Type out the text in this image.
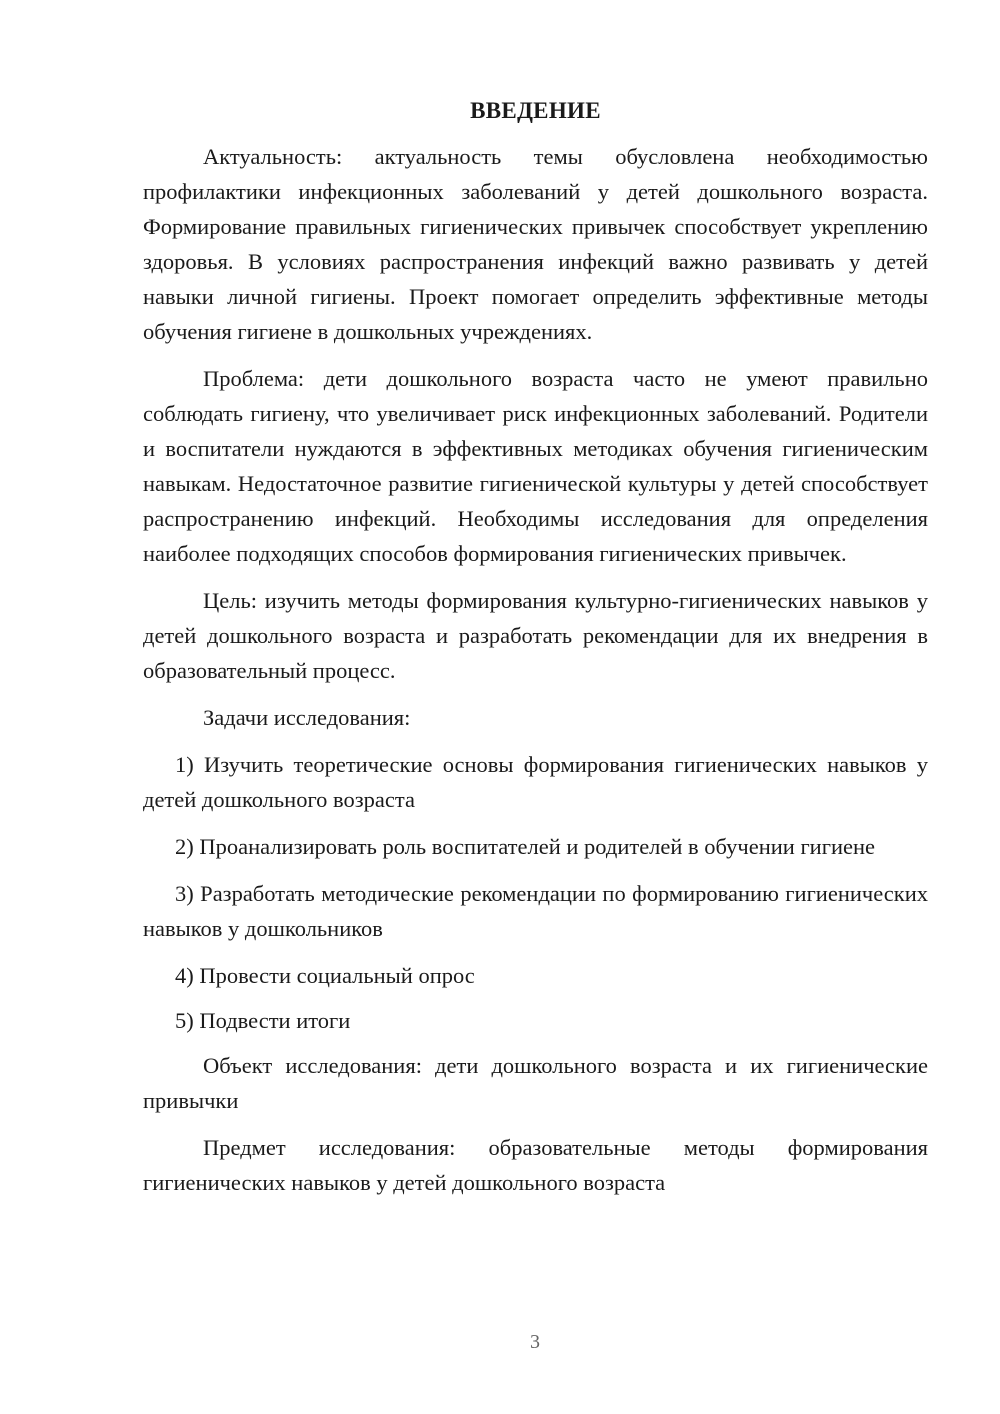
ВВЕДЕНИЕ

Актуальность: актуальность темы обусловлена необходимостью профилактики инфекционных заболеваний у детей дошкольного возраста. Формирование правильных гигиенических привычек способствует укреплению здоровья. В условиях распространения инфекций важно развивать у детей навыки личной гигиены. Проект помогает определить эффективные методы обучения гигиене в дошкольных учреждениях.

Проблема: дети дошкольного возраста часто не умеют правильно соблюдать гигиену, что увеличивает риск инфекционных заболеваний. Родители и воспитатели нуждаются в эффективных методиках обучения гигиеническим навыкам. Недостаточное развитие гигиенической культуры у детей способствует распространению инфекций. Необходимы исследования для определения наиболее подходящих способов формирования гигиенических привычек.

Цель: изучить методы формирования культурно-гигиенических навыков у детей дошкольного возраста и разработать рекомендации для их внедрения в образовательный процесс.

Задачи исследования:

1) Изучить теоретические основы формирования гигиенических навыков у детей дошкольного возраста

2) Проанализировать роль воспитателей и родителей в обучении гигиене

3) Разработать методические рекомендации по формированию гигиенических навыков у дошкольников

4) Провести социальный опрос

5) Подвести итоги

Объект исследования: дети дошкольного возраста и их гигиенические привычки

Предмет исследования: образовательные методы формирования гигиенических навыков у детей дошкольного возраста

3
